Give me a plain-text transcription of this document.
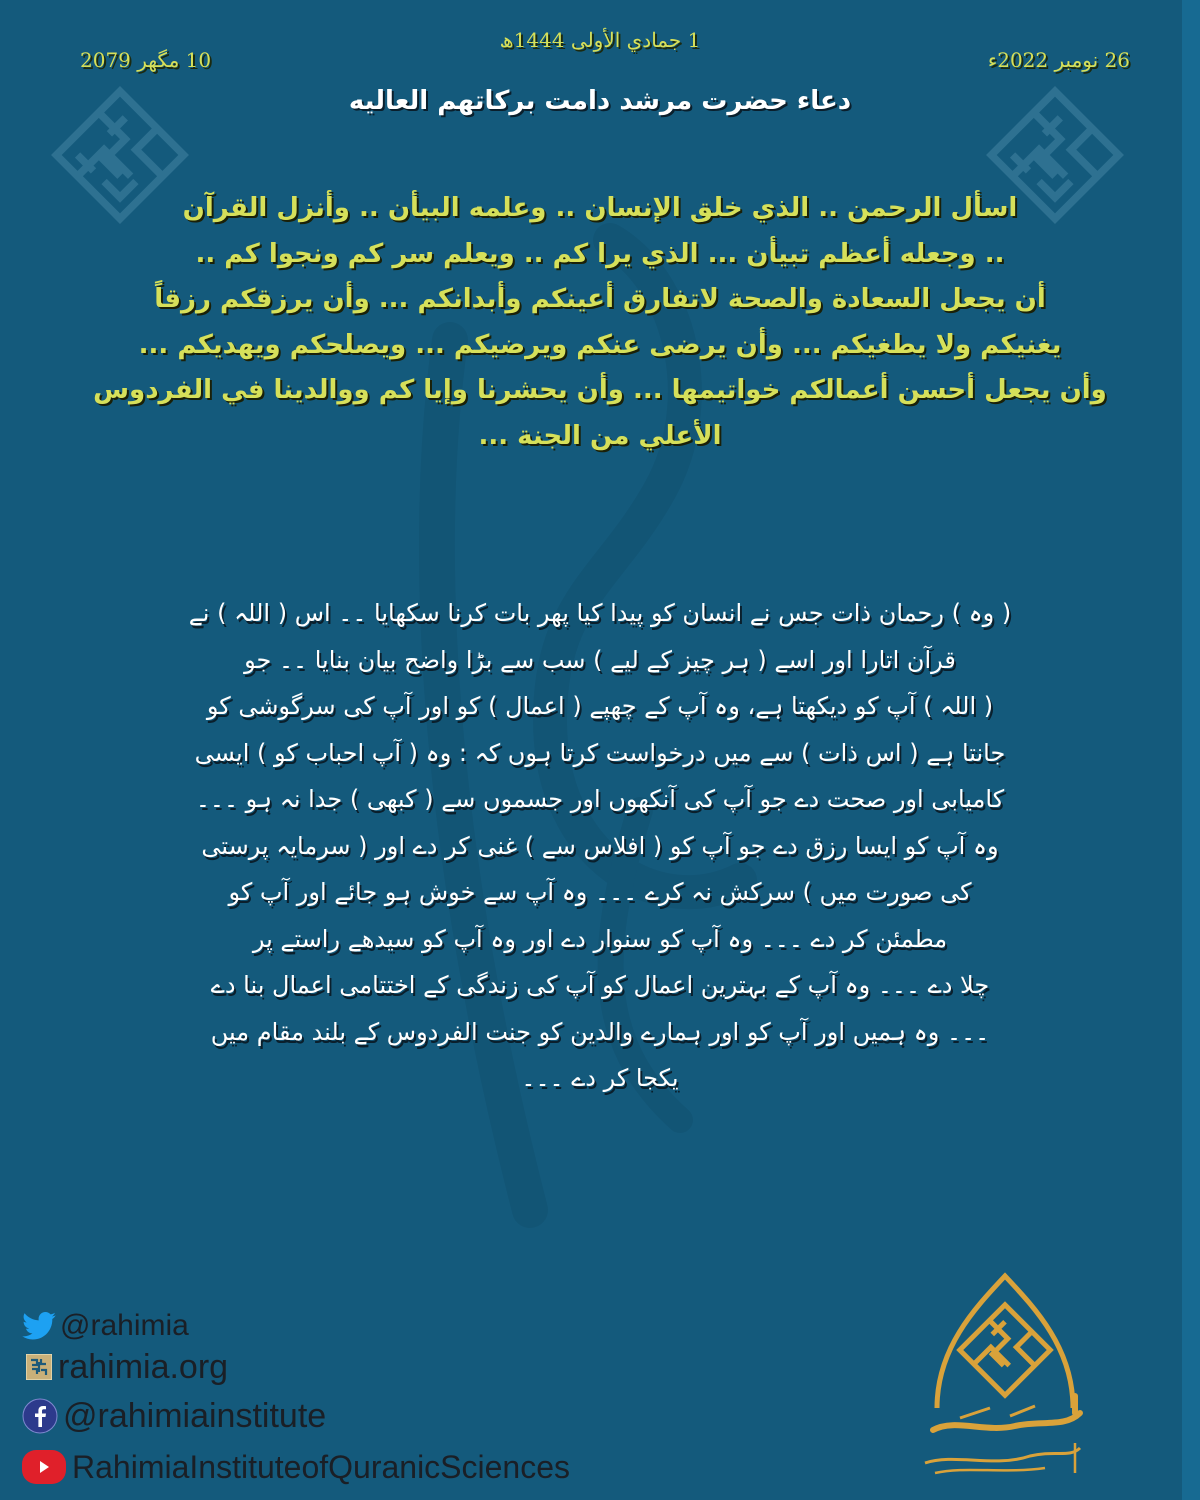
1 جمادي الأولى 1444ھ
26 نومبر 2022ء
10 مگھر 2079
دعاء حضرت مرشد دامت برکاتهم العاليه
اسأل الرحمن .. الذي خلق الإنسان .. وعلمه البيأن .. وأنزل القرآن
.. وجعله أعظم تبيأن ... الذي يرا كم .. ويعلم سر كم ونجوا كم ..
أن يجعل السعادة والصحة لاتفارق أعينكم وأبدانكم ... وأن يرزقكم رزقاً
يغنيكم ولا يطغيكم ... وأن يرضى عنكم ويرضيكم ... ويصلحكم ويهديكم ...
وأن يجعل أحسن أعمالكم خواتيمها ... وأن يحشرنا وإيا كم ووالدينا في الفردوس
الأعلي من الجنة ...
( وہ ) رحمان ذات جس نے انسان کو پیدا کیا پھر بات کرنا سکھایا ۔۔ اس ( اللہ ) نے
قرآن اتارا اور اسے ( ہر چیز کے لیے ) سب سے بڑا واضح بیان بنایا ۔۔ جو
( اللہ ) آپ کو دیکھتا ہے، وہ آپ کے چھپے ( اعمال ) کو اور آپ کی سرگوشی کو
جانتا ہے ( اس ذات ) سے میں درخواست کرتا ہوں کہ : وہ ( آپ احباب کو ) ایسی
کامیابی اور صحت دے جو آپ کی آنکھوں اور جسموں سے ( کبھی ) جدا نہ ہو ۔۔۔
وہ آپ کو ایسا رزق دے جو آپ کو ( افلاس سے ) غنی کر دے اور ( سرمایہ پرستی
کی صورت میں ) سرکش نہ کرے ۔۔۔ وہ آپ سے خوش ہو جائے اور آپ کو
مطمئن کر دے ۔۔۔ وہ آپ کو سنوار دے اور وہ آپ کو سیدھے راستے پر
چلا دے ۔۔۔ وہ آپ کے بہترین اعمال کو آپ کی زندگی کے اختتامی اعمال بنا دے
۔۔۔ وہ ہمیں اور آپ کو اور ہمارے والدین کو جنت الفردوس کے بلند مقام میں
یکجا کر دے ۔۔۔
@rahimia
rahimia.org
@rahimiainstitute
RahimiaInstituteofQuranicSciences
